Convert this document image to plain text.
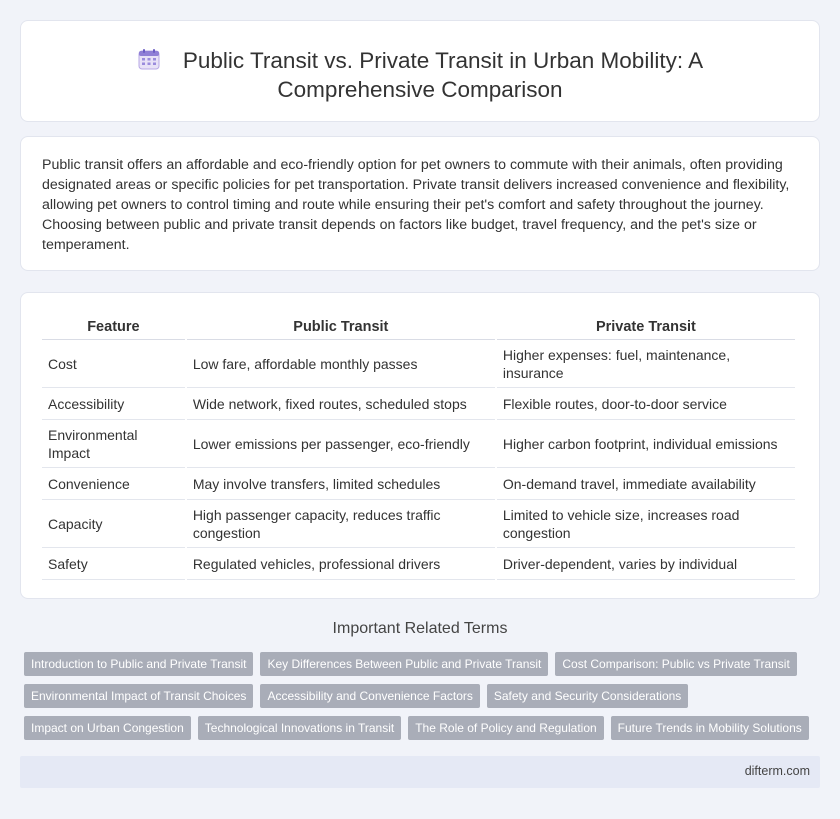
Public Transit vs. Private Transit in Urban Mobility: A
Comprehensive Comparison

Public transit offers an affordable and eco-friendly option for pet owners to commute with their animals, often providing designated areas or specific policies for pet transportation. Private transit delivers increased convenience and flexibility, allowing pet owners to control timing and route while ensuring their pet's comfort and safety throughout the journey. Choosing between public and private transit depends on factors like budget, travel frequency, and the pet's size or temperament.

Feature	Public Transit	Private Transit
Cost	Low fare, affordable monthly passes	Higher expenses: fuel, maintenance, insurance
Accessibility	Wide network, fixed routes, scheduled stops	Flexible routes, door-to-door service
Environmental Impact	Lower emissions per passenger, eco-friendly	Higher carbon footprint, individual emissions
Convenience	May involve transfers, limited schedules	On-demand travel, immediate availability
Capacity	High passenger capacity, reduces traffic congestion	Limited to vehicle size, increases road congestion
Safety	Regulated vehicles, professional drivers	Driver-dependent, varies by individual
Important Related Terms
Introduction to Public and Private Transit	Key Differences Between Public and Private Transit	Cost Comparison: Public vs Private Transit
Environmental Impact of Transit Choices	Accessibility and Convenience Factors	Safety and Security Considerations
Impact on Urban Congestion	Technological Innovations in Transit	The Role of Policy and Regulation	Future Trends in Mobility Solutions
difterm.com
